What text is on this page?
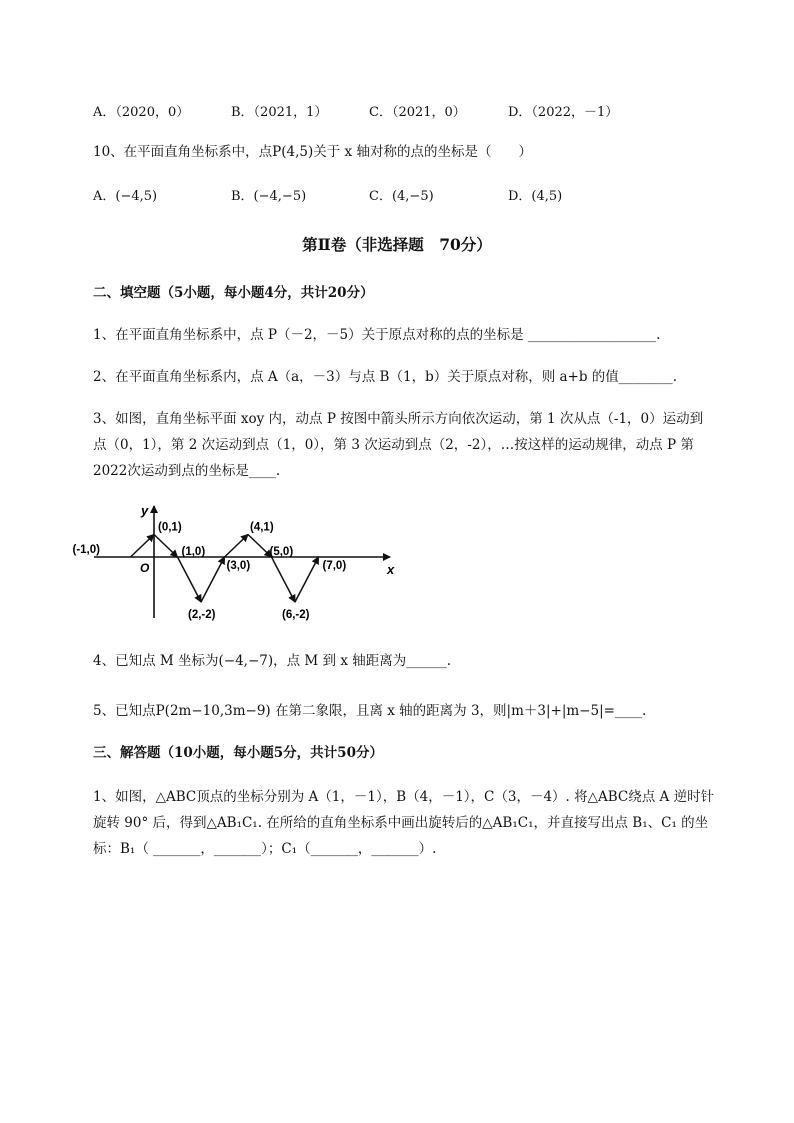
A．（2020，0）	B．（2021，1）	C．（2021，0）	D．（2022，－1）
10、在平面直角坐标系中，点P(4,5)关于 x 轴对称的点的坐标是（　　）
A．(−4,5)	B．(−4,−5)	C．(4,−5)	D．(4,5)
第Ⅱ卷（非选择题　70分）
二、填空题（5小题，每小题4分，共计20分）
1、在平面直角坐标系中，点 P（－2，－5）关于原点对称的点的坐标是 ___________________.
2、在平面直角坐标系内，点 A（a，－3）与点 B（1，b）关于原点对称，则 a+b 的值________.
3、如图，直角坐标平面 xoy 内，动点 P 按图中箭头所示方向依次运动，第 1 次从点（-1，0）运动到
点（0，1），第 2 次运动到点（1，0），第 3 次运动到点（2，-2），…按这样的运动规律，动点 P 第
2022次运动到点的坐标是____.
x
y
O
(-1,0)
(0,1)
(1,0)
(2,-2)
(3,0)
(4,1)
(5,0)
(6,-2)
(7,0)
4、已知点 M 坐标为(−4,−7)，点 M 到 x 轴距离为______.
5、已知点P(2m−10,3m−9) 在第二象限，且离 x 轴的距离为 3，则|m＋3|+|m−5|=____.
三、解答题（10小题，每小题5分，共计50分）
1、如图，△ABC顶点的坐标分别为 A（1，－1），B（4，－1），C（3，－4）. 将△ABC绕点 A 逆时针
旋转 90° 后，得到△AB₁C₁. 在所给的直角坐标系中画出旋转后的△AB₁C₁，并直接写出点 B₁、C₁ 的坐
标：B₁（ _______，_______）；C₁（_______，_______）.
